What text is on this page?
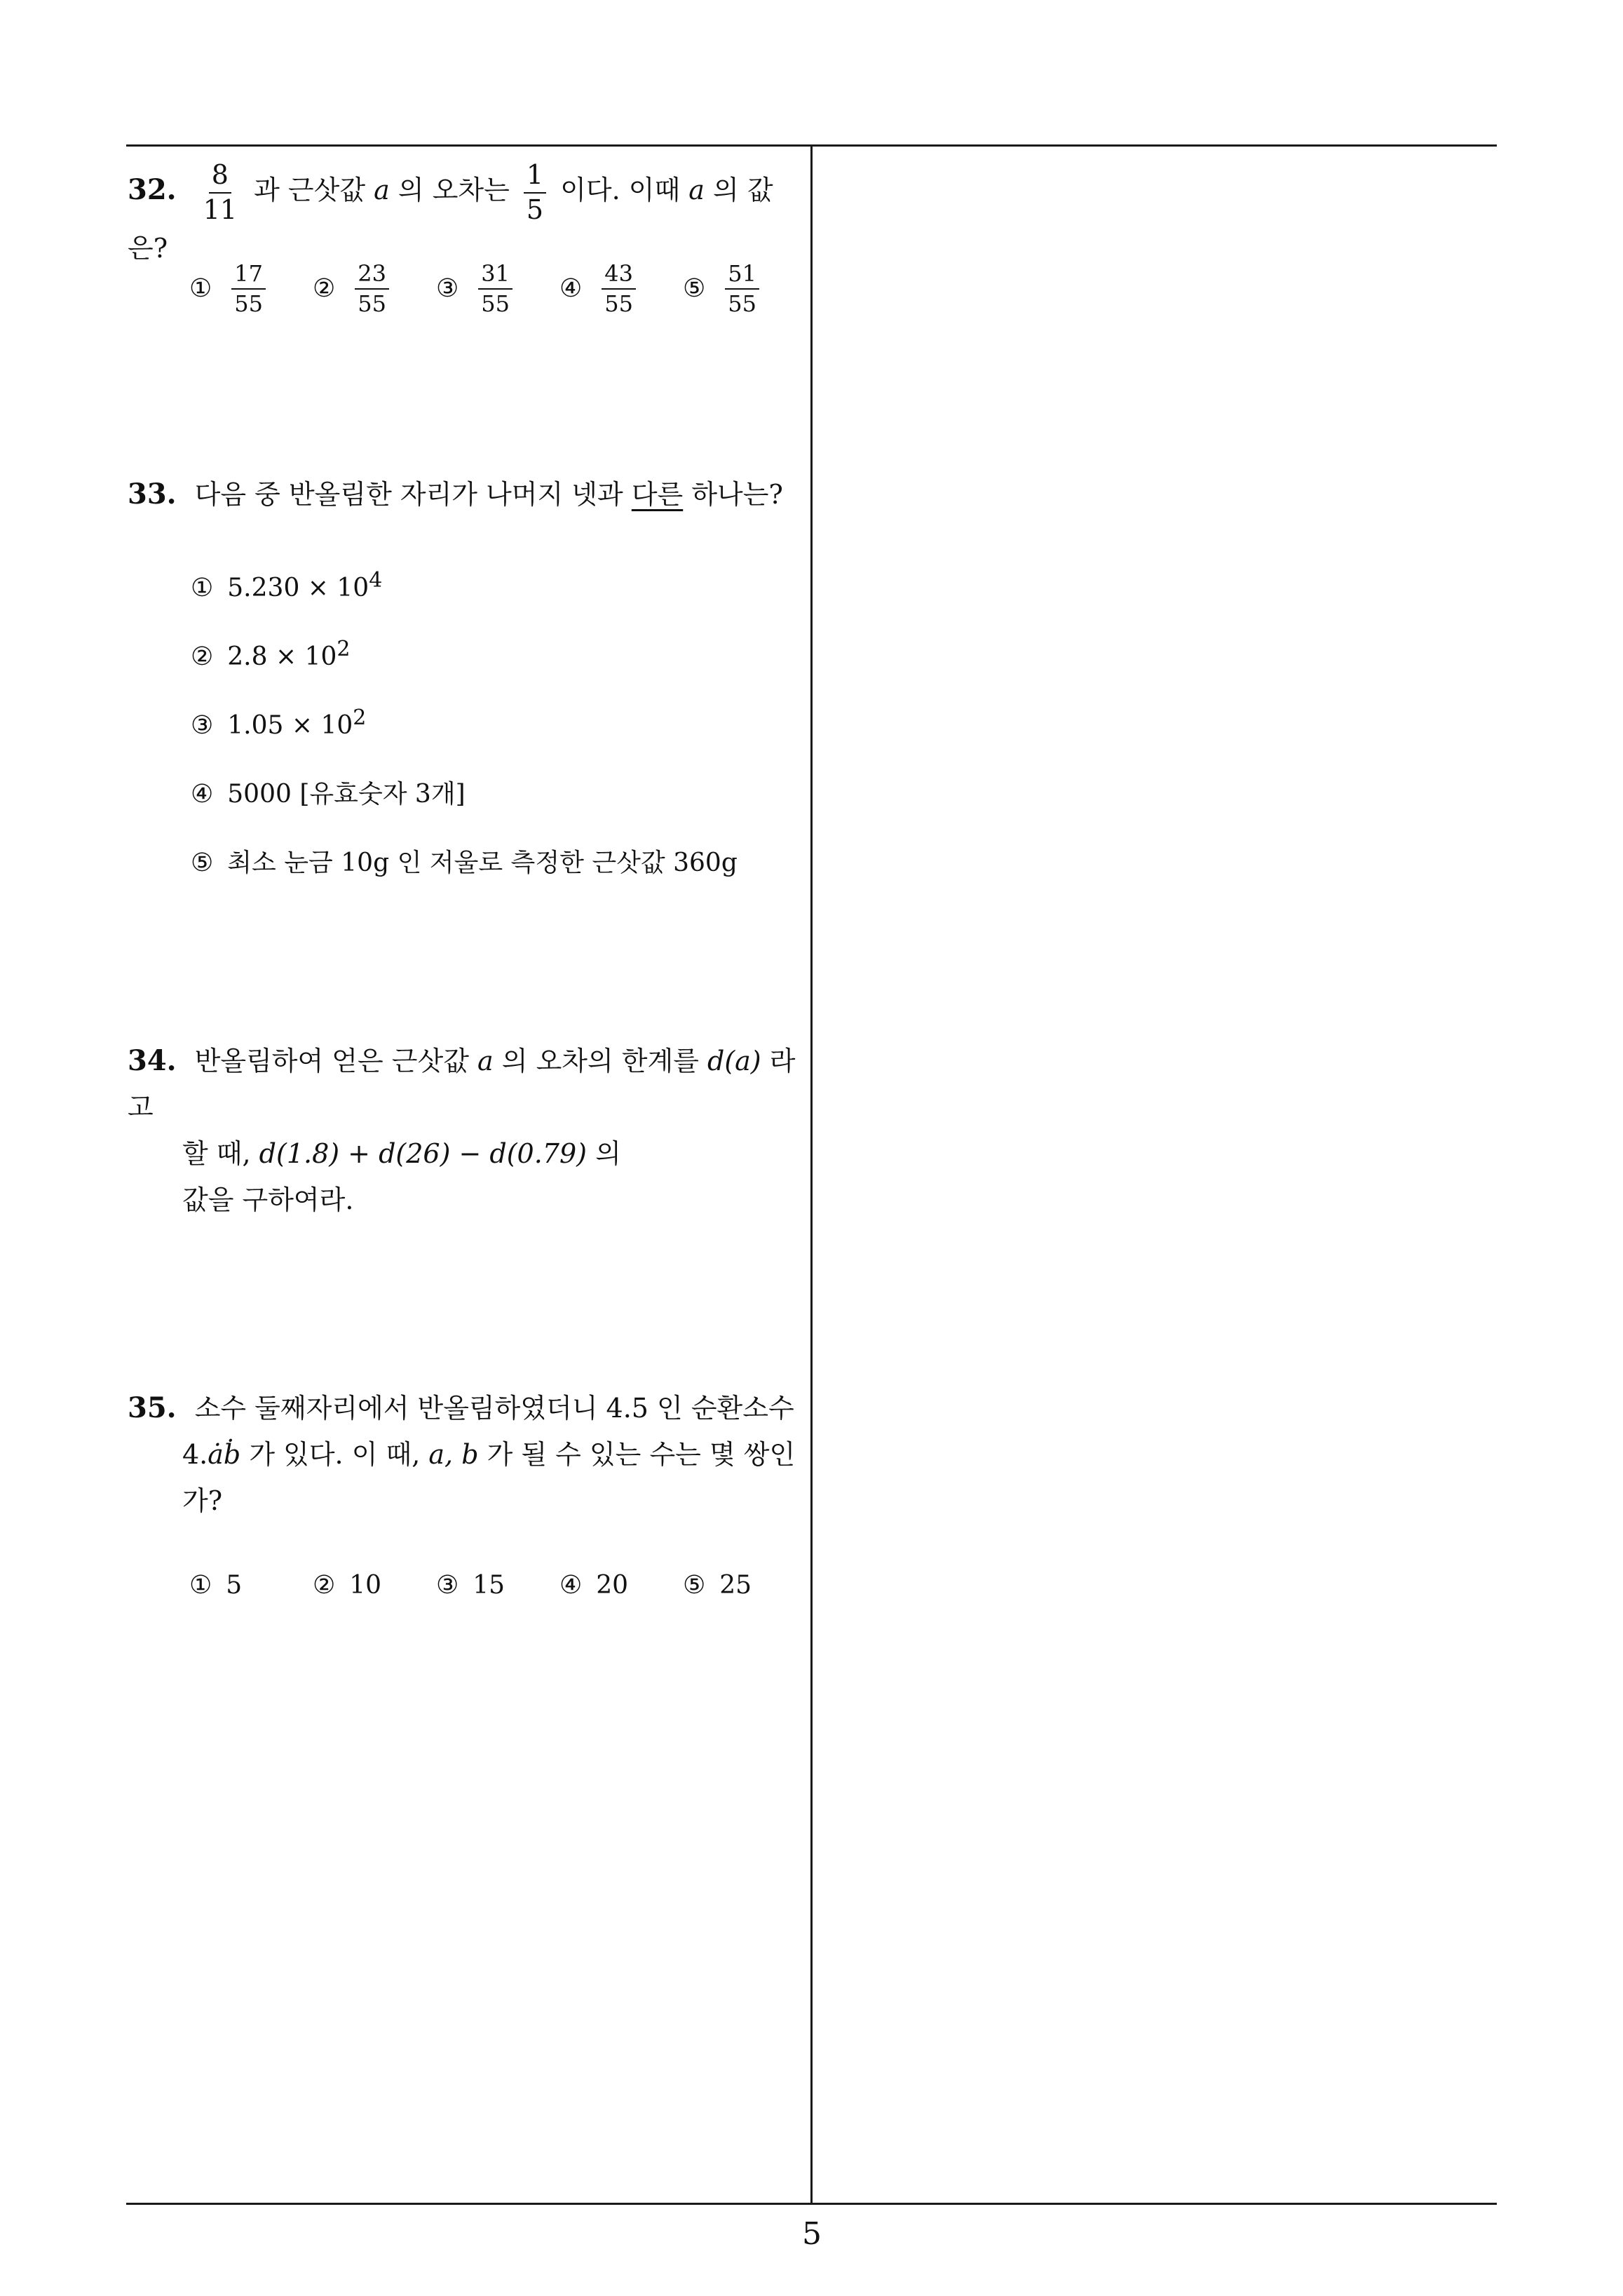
32. $\frac{8}{11}$ 과 근삿값 a 의 오차는 $\frac{1}{5}$ 이다. 이때 a 의 값은?
① $\frac{17}{55}$ ② $\frac{23}{55}$ ③ $\frac{31}{55}$ ④ $\frac{43}{55}$ ⑤ $\frac{51}{55}$
33. 다음 중 반올림한 자리가 나머지 넷과 다른 하나는?
① $5.230 \times 10^4$
② $2.8 \times 10^2$
③ $1.05 \times 10^2$
④ 5000 [유효숫자 3개]
⑤ 최소 눈금 10g 인 저울로 측정한 근삿값 360g
34. 반올림하여 얻은 근삿값 a 의 오차의 한계를 d(a) 라고
할 때, d(1.8) + d(26) − d(0.79) 의
값을 구하여라.
35. 소수 둘째자리에서 반올림하였더니 4.5 인 순환소수
4.ȧḃ 가 있다. 이 때, a, b 가 될 수 있는 수는 몇 쌍인
가?
① 5	② 10 ③ 15 ④ 20 ⑤ 25
5
